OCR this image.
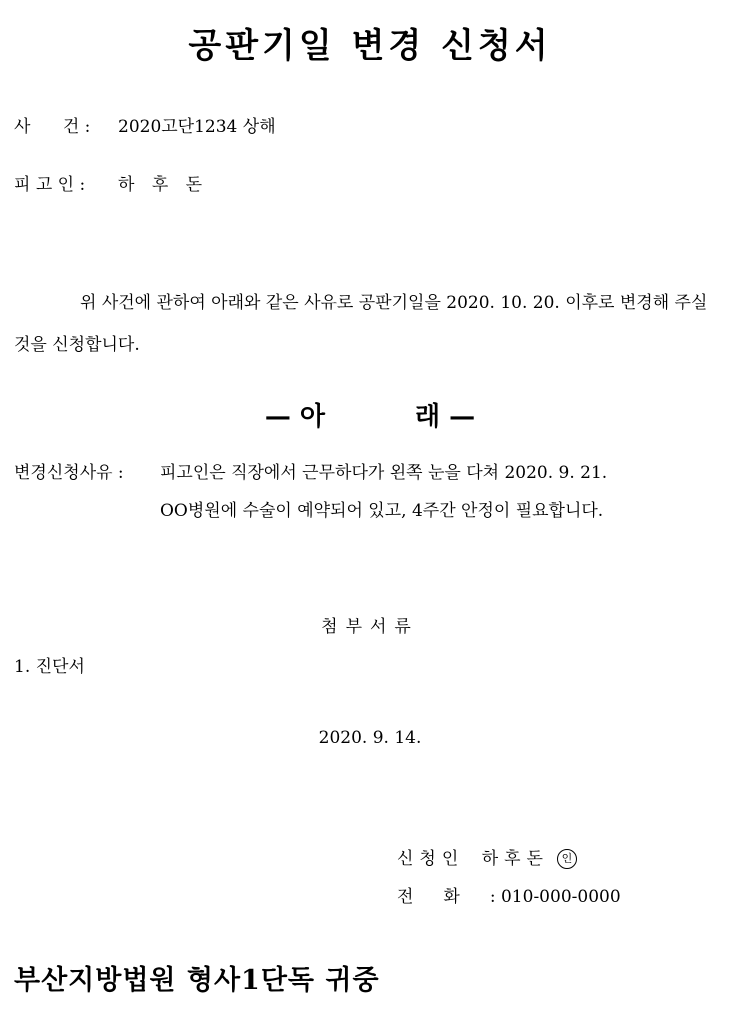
공판기일 변경 신청서
사      건 :	2020고단1234 상해
피 고 인 :	하 후 돈
위 사건에 관하여 아래와 같은 사유로 공판기일을 2020. 10. 20. 이후로 변경해 주실 것을 신청합니다.
— 아	래 —
변경신청사유 : 피고인은 직장에서 근무하다가 왼쪽 눈을 다쳐 2020. 9. 21.
OO병원에 수술이 예약되어 있고, 4주간 안정이 필요합니다.
첨부서류
1. 진단서
2020. 9. 14.
신청인 하후돈 인
전화: 010-000-0000
부산지방법원 형사1단독 귀중
